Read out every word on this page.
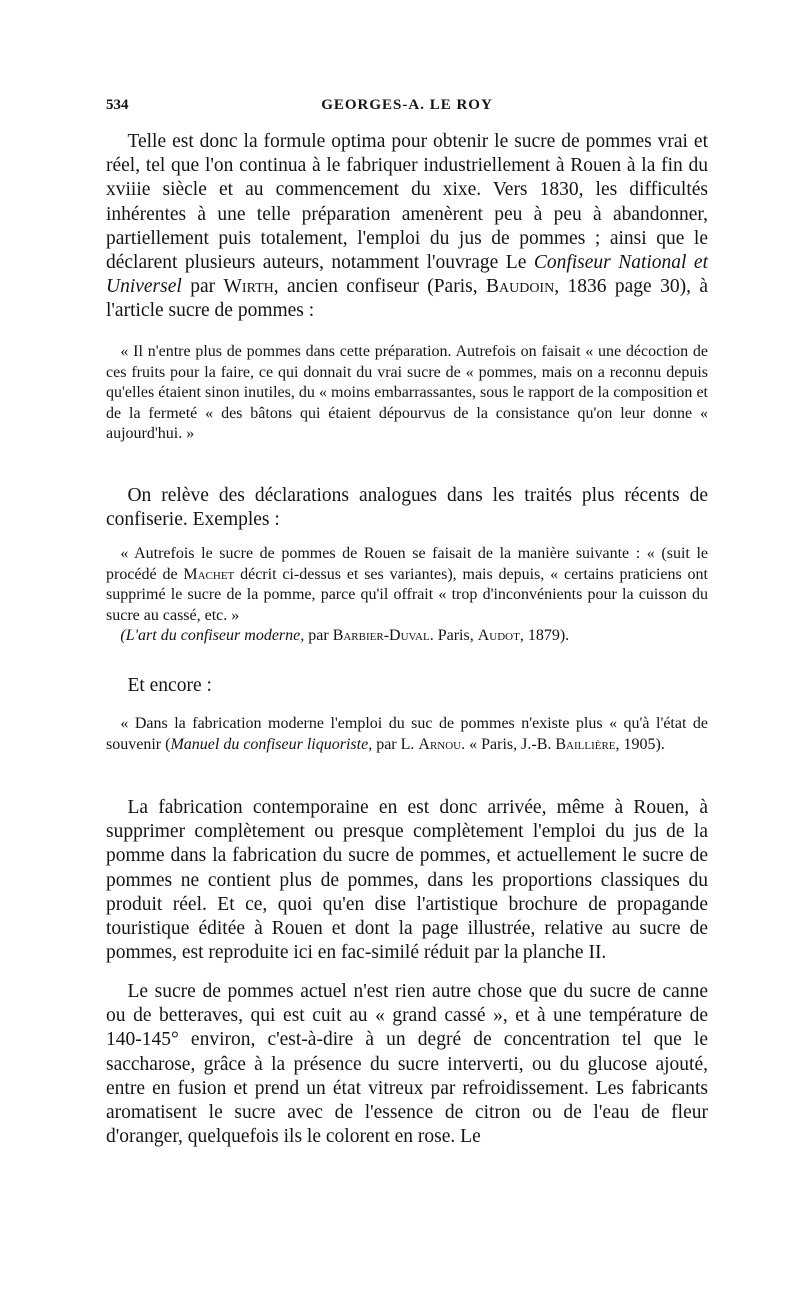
534	GEORGES-A. LE ROY

Telle est donc la formule optima pour obtenir le sucre de pommes vrai et réel, tel que l'on continua à le fabriquer industriellement à Rouen à la fin du xviiie siècle et au commencement du xixe. Vers 1830, les difficultés inhérentes à une telle préparation amenèrent peu à peu à abandonner, partiellement puis totalement, l'emploi du jus de pommes ; ainsi que le déclarent plusieurs auteurs, notamment l'ouvrage Le Confiseur National et Universel par Wirth, ancien confiseur (Paris, Baudoin, 1836 page 30), à l'article sucre de pommes :

« Il n'entre plus de pommes dans cette préparation. Autrefois on faisait « une décoction de ces fruits pour la faire, ce qui donnait du vrai sucre de « pommes, mais on a reconnu depuis qu'elles étaient sinon inutiles, du « moins embarrassantes, sous le rapport de la composition et de la fermeté « des bâtons qui étaient dépourvus de la consistance qu'on leur donne « aujourd'hui. »

On relève des déclarations analogues dans les traités plus récents de confiserie. Exemples :

« Autrefois le sucre de pommes de Rouen se faisait de la manière suivante : « (suit le procédé de Machet décrit ci-dessus et ses variantes), mais depuis, « certains praticiens ont supprimé le sucre de la pomme, parce qu'il offrait « trop d'inconvénients pour la cuisson du sucre au cassé, etc. »

(L'art du confiseur moderne, par Barbier-Duval. Paris, Audot, 1879).

Et encore :

« Dans la fabrication moderne l'emploi du suc de pommes n'existe plus « qu'à l'état de souvenir (Manuel du confiseur liquoriste, par L. Arnou. « Paris, J.-B. Baillière, 1905).

La fabrication contemporaine en est donc arrivée, même à Rouen, à supprimer complètement ou presque complètement l'emploi du jus de la pomme dans la fabrication du sucre de pommes, et actuellement le sucre de pommes ne contient plus de pommes, dans les proportions classiques du produit réel. Et ce, quoi qu'en dise l'artistique brochure de propagande touristique éditée à Rouen et dont la page illustrée, relative au sucre de pommes, est reproduite ici en fac-similé réduit par la planche II.

Le sucre de pommes actuel n'est rien autre chose que du sucre de canne ou de betteraves, qui est cuit au « grand cassé », et à une température de 140-145° environ, c'est-à-dire à un degré de concentration tel que le saccharose, grâce à la présence du sucre interverti, ou du glucose ajouté, entre en fusion et prend un état vitreux par refroidissement. Les fabricants aromatisent le sucre avec de l'essence de citron ou de l'eau de fleur d'oranger, quelquefois ils le colorent en rose. Le
